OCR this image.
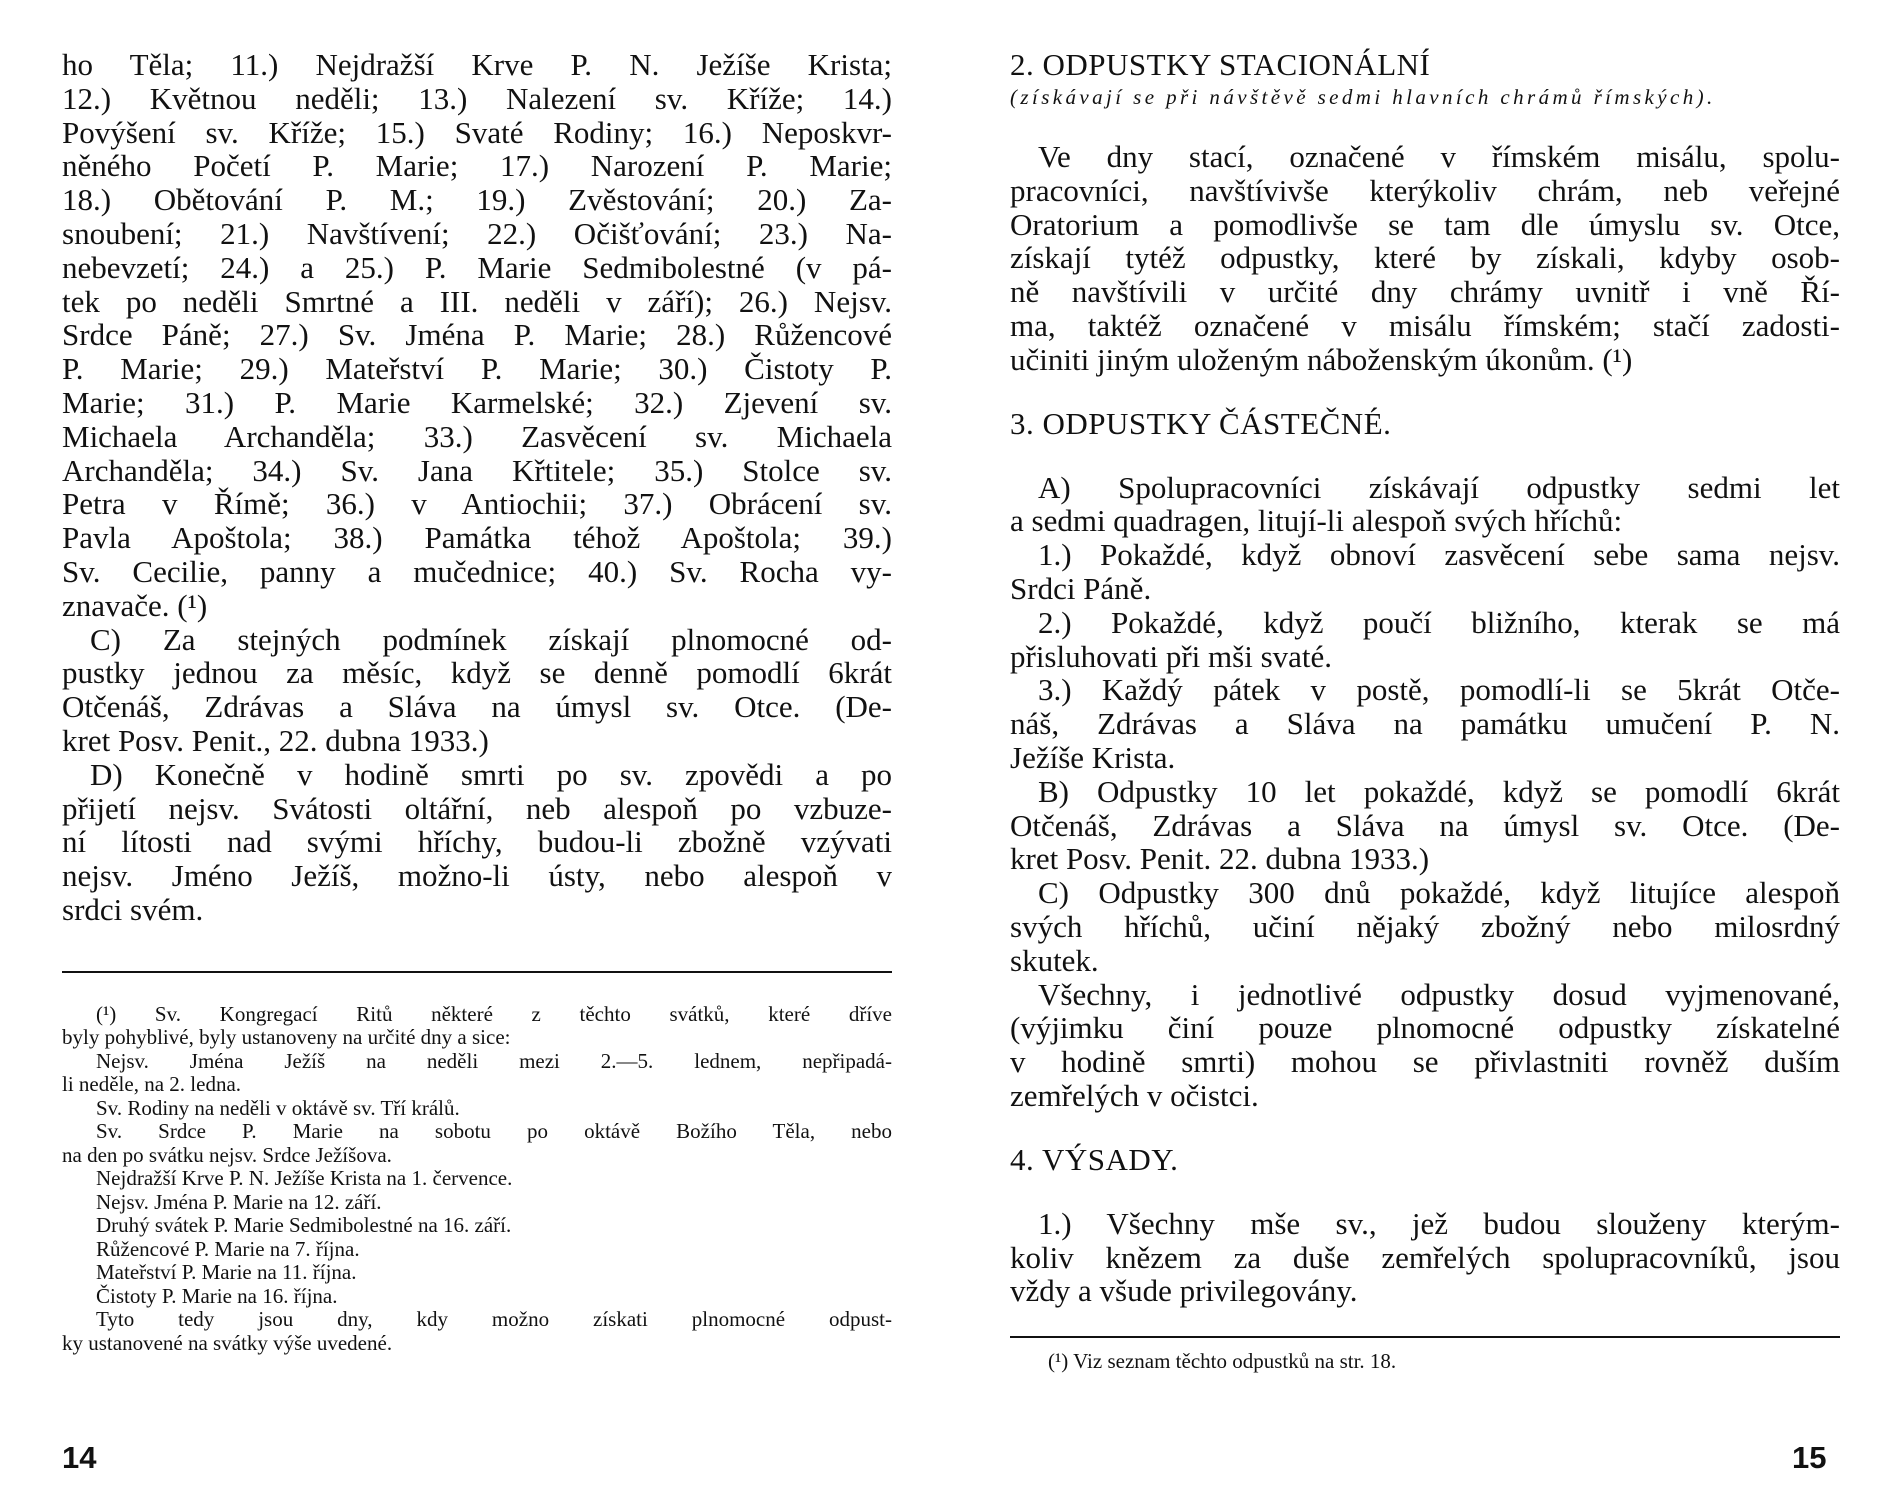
ho Těla; 11.) Nejdražší Krve P. N. Ježíše Krista;
12.) Květnou neděli; 13.) Nalezení sv. Kříže; 14.)
Povýšení sv. Kříže; 15.) Svaté Rodiny; 16.) Neposkvr-
něného Početí P. Marie; 17.) Narození P. Marie;
18.) Obětování P. M.; 19.) Zvěstování; 20.) Za-
snoubení; 21.) Navštívení; 22.) Očišťování; 23.) Na-
nebevzetí; 24.) a 25.) P. Marie Sedmibolestné (v pá-
tek po neděli Smrtné a III. neděli v září); 26.) Nejsv.
Srdce Páně; 27.) Sv. Jména P. Marie; 28.) Růžencové
P. Marie; 29.) Mateřství P. Marie; 30.) Čistoty P.
Marie; 31.) P. Marie Karmelské; 32.) Zjevení sv.
Michaela Archanděla; 33.) Zasvěcení sv. Michaela
Archanděla; 34.) Sv. Jana Křtitele; 35.) Stolce sv.
Petra v Římě; 36.) v Antiochii; 37.) Obrácení sv.
Pavla Apoštola; 38.) Památka téhož Apoštola; 39.)
Sv. Cecilie, panny a mučednice; 40.) Sv. Rocha vy-
znavače. (¹)
C) Za stejných podmínek získají plnomocné od-
pustky jednou za měsíc, když se denně pomodlí 6krát
Otčenáš, Zdrávas a Sláva na úmysl sv. Otce. (De-
kret Posv. Penit., 22. dubna 1933.)
D) Konečně v hodině smrti po sv. zpovědi a po
přijetí nejsv. Svátosti oltářní, neb alespoň po vzbuze-
ní lítosti nad svými hříchy, budou-li zbožně vzývati
nejsv. Jméno Ježíš, možno-li ústy, nebo alespoň v
srdci svém.
(¹) Sv. Kongregací Ritů některé z těchto svátků, které dříve
byly pohyblivé, byly ustanoveny na určité dny a sice:
Nejsv. Jména Ježíš na neděli mezi 2.—5. lednem, nepřipadá-
li neděle, na 2. ledna.
Sv. Rodiny na neděli v oktávě sv. Tří králů.
Sv. Srdce P. Marie na sobotu po oktávě Božího Těla, nebo
na den po svátku nejsv. Srdce Ježíšova.
Nejdražší Krve P. N. Ježíše Krista na 1. července.
Nejsv. Jména P. Marie na 12. září.
Druhý svátek P. Marie Sedmibolestné na 16. září.
Růžencové P. Marie na 7. října.
Mateřství P. Marie na 11. října.
Čistoty P. Marie na 16. října.
Tyto tedy jsou dny, kdy možno získati plnomocné odpust-
ky ustanovené na svátky výše uvedené.
14

2. ODPUSTKY STACIONÁLNÍ

(získávají se při návštěvě sedmi hlavních chrámů římských).

Ve dny stací, označené v římském misálu, spolu-
pracovníci, navštívivše kterýkoliv chrám, neb veřejné
Oratorium a pomodlivše se tam dle úmyslu sv. Otce,
získají tytéž odpustky, které by získali, kdyby osob-
ně navštívili v určité dny chrámy uvnitř i vně Ří-
ma, taktéž označené v misálu římském; stačí zadosti-
učiniti jiným uloženým náboženským úkonům. (¹)

3. ODPUSTKY ČÁSTEČNÉ.

A) Spolupracovníci získávají odpustky sedmi let
a sedmi quadragen, litují-li alespoň svých hříchů:
1.) Pokaždé, když obnoví zasvěcení sebe sama nejsv.
Srdci Páně.
2.) Pokaždé, když poučí bližního, kterak se má
přisluhovati při mši svaté.
3.) Každý pátek v postě, pomodlí-li se 5krát Otče-
náš, Zdrávas a Sláva na památku umučení P. N.
Ježíše Krista.
B) Odpustky 10 let pokaždé, když se pomodlí 6krát
Otčenáš, Zdrávas a Sláva na úmysl sv. Otce. (De-
kret Posv. Penit. 22. dubna 1933.)
C) Odpustky 300 dnů pokaždé, když litujíce alespoň
svých hříchů, učiní nějaký zbožný nebo milosrdný
skutek.
Všechny, i jednotlivé odpustky dosud vyjmenované,
(výjimku činí pouze plnomocné odpustky získatelné
v hodině smrti) mohou se přivlastniti rovněž duším
zemřelých v očistci.

4. VÝSADY.

1.) Všechny mše sv., jež budou slouženy kterým-
koliv knězem za duše zemřelých spolupracovníků, jsou
vždy a všude privilegovány.

(¹) Viz seznam těchto odpustků na str. 18.

15
